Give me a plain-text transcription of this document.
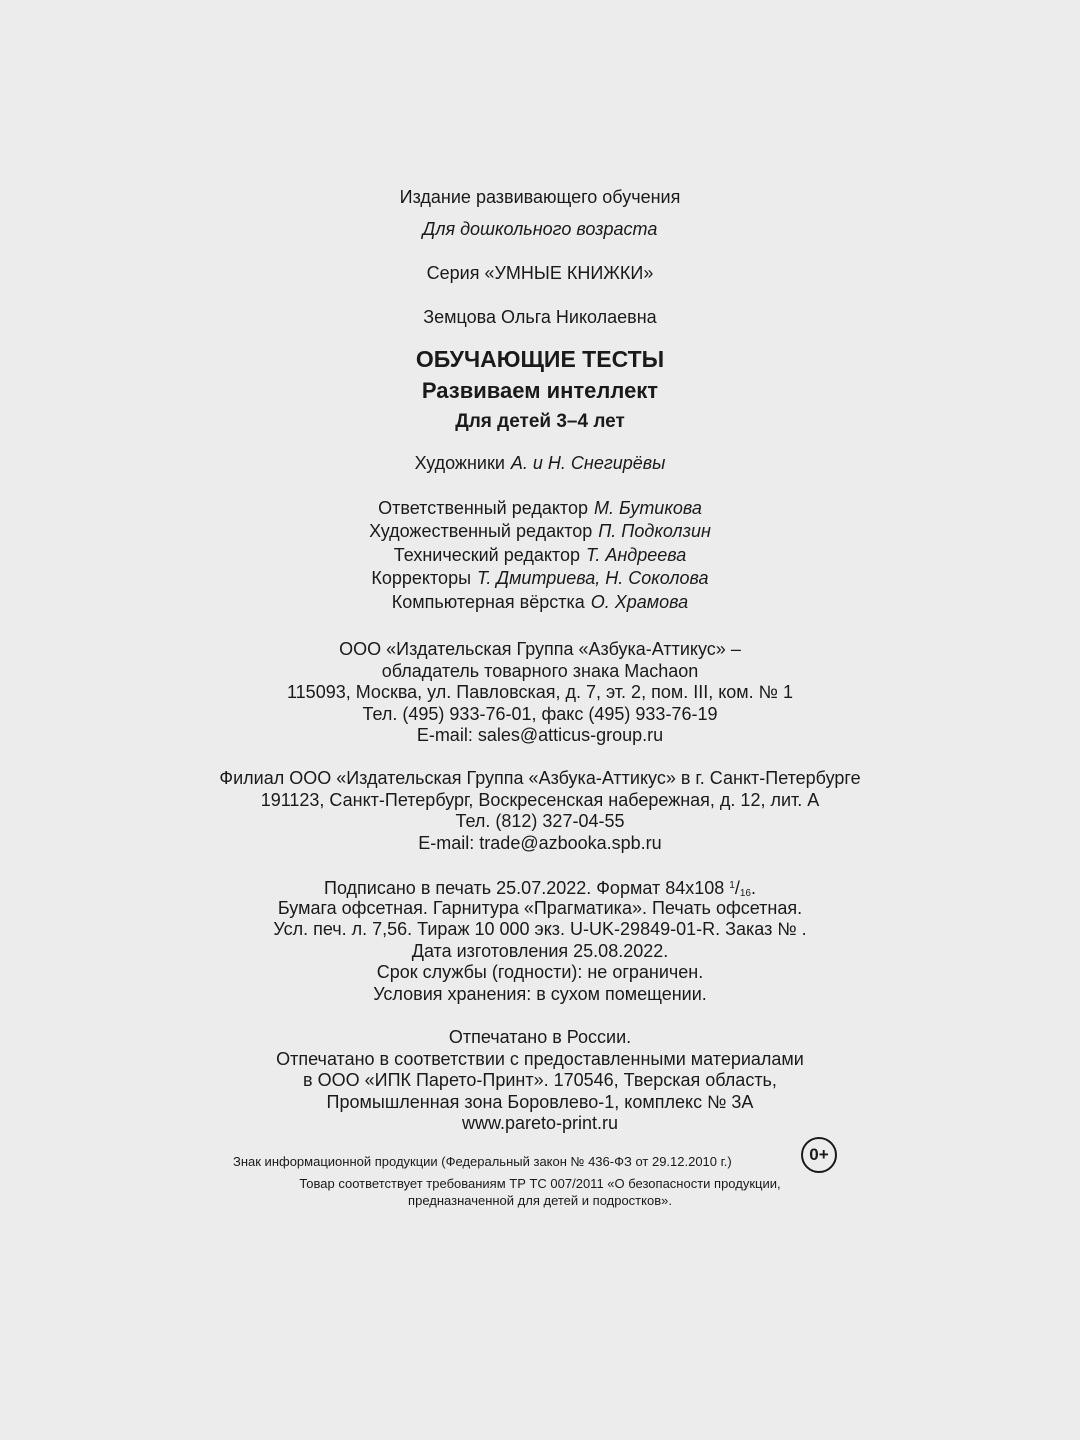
Издание развивающего обучения
Для дошкольного возраста
Серия «УМНЫЕ КНИЖКИ»
Земцова Ольга Николаевна
ОБУЧАЮЩИЕ ТЕСТЫ
Развиваем интеллект
Для детей 3–4 лет
Художники А. и Н. Снегирёвы
Ответственный редактор М. Бутикова
Художественный редактор П. Подколзин
Технический редактор Т. Андреева
Корректоры Т. Дмитриева, Н. Соколова
Компьютерная вёрстка О. Храмова
ООО «Издательская Группа «Азбука-Аттикус» –
обладатель товарного знака Machaon
115093, Москва, ул. Павловская, д. 7, эт. 2, пом. III, ком. № 1
Тел. (495) 933-76-01, факс (495) 933-76-19
E-mail: sales@atticus-group.ru
Филиал ООО «Издательская Группа «Азбука-Аттикус» в г. Санкт-Петербурге
191123, Санкт-Петербург, Воскресенская набережная, д. 12, лит. А
Тел. (812) 327-04-55
E-mail: trade@azbooka.spb.ru
Подписано в печать 25.07.2022. Формат 84x108 $^1/_{16}$.
Бумага офсетная. Гарнитура «Прагматика». Печать офсетная.
Усл. печ. л. 7,56. Тираж 10 000 экз. U-UK-29849-01-R. Заказ № .
Дата изготовления 25.08.2022.
Срок службы (годности): не ограничен.
Условия хранения: в сухом помещении.
Отпечатано в России.
Отпечатано в соответствии с предоставленными материалами
в ООО «ИПК Парето-Принт». 170546, Тверская область,
Промышленная зона Боровлево-1, комплекс № 3А
www.pareto-print.ru
Знак информационной продукции (Федеральный закон № 436-ФЗ от 29.12.2010 г.)	0+
Товар соответствует требованиям ТР ТС 007/2011 «О безопасности продукции,
предназначенной для детей и подростков».
